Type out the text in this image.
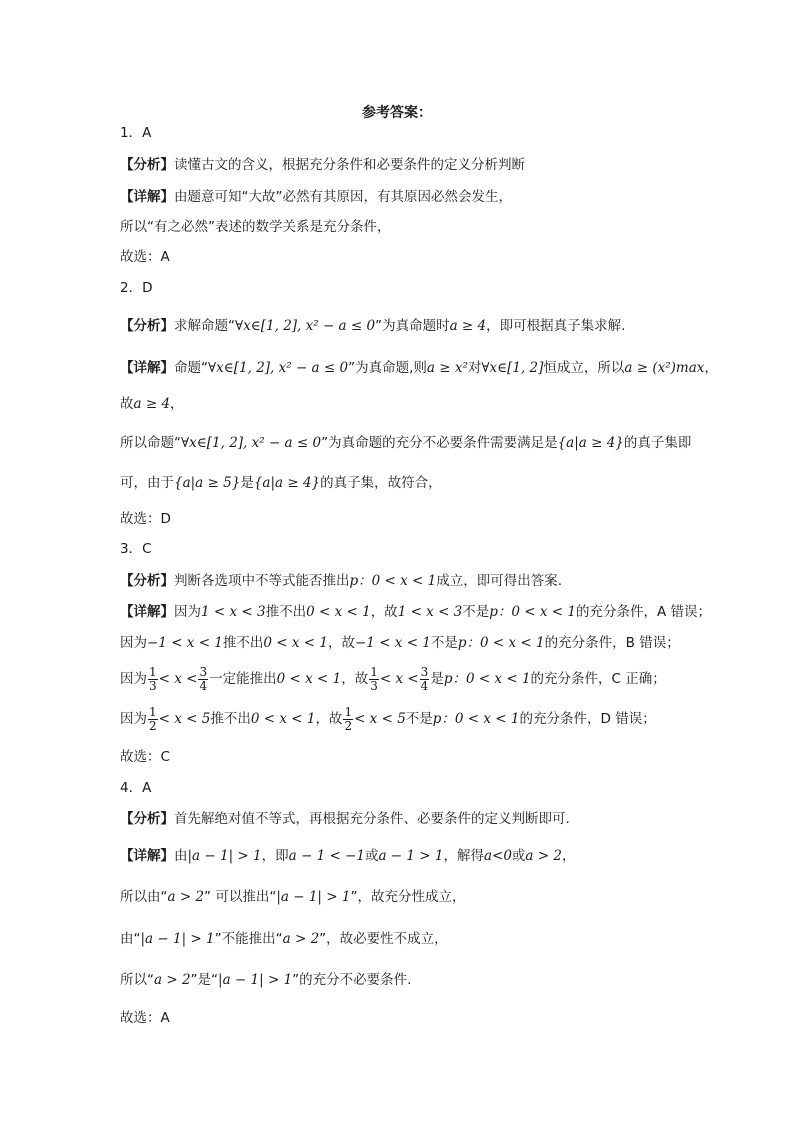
参考答案：
1．A
【分析】读懂古文的含义，根据充分条件和必要条件的定义分析判断
【详解】由题意可知“大故”必然有其原因，有其原因必然会发生，
所以“有之必然”表述的数学关系是充分条件，
故选：A
2．D
【分析】求解命题“∀x∈[1, 2], x² − a ≤ 0”为真命题时a ≥ 4，即可根据真子集求解.
【详解】命题“∀x∈[1, 2], x² − a ≤ 0”为真命题,则a ≥ x²对∀x∈[1, 2]恒成立，所以a ≥ (x²)max，
故a ≥ 4，
所以命题“∀x∈[1, 2], x² − a ≤ 0”为真命题的充分不必要条件需要满足是{a|a ≥ 4}的真子集即
可，由于{a|a ≥ 5}是{a|a ≥ 4}的真子集，故符合，
故选：D
3．C
【分析】判断各选项中不等式能否推出p：0 < x < 1成立，即可得出答案.
【详解】因为1 < x < 3推不出0 < x < 1，故1 < x < 3不是p：0 < x < 1的充分条件，A 错误；
因为−1 < x < 1推不出0 < x < 1，故−1 < x < 1不是p：0 < x < 1的充分条件，B 错误；
因为 $\frac{1}{3} < x < \frac{3}{4}$ 一定能推出0 < x < 1，故 $\frac{1}{3} < x < \frac{3}{4}$ 是p：0 < x < 1的充分条件，C 正确；
因为 $\frac{1}{2} < x < 5$推不出0 < x < 1，故 $\frac{1}{2} < x < 5$不是p：0 < x < 1的充分条件，D 错误；
故选：C
4．A
【分析】首先解绝对值不等式，再根据充分条件、必要条件的定义判断即可.
【详解】由|a − 1| > 1，即a − 1 < −1或a − 1 > 1，解得a<0或a > 2，
所以由“a > 2” 可以推出“|a − 1| > 1”，故充分性成立，
由“|a − 1| > 1”不能推出“a > 2”，故必要性不成立，
所以“a > 2”是“|a − 1| > 1”的充分不必要条件.
故选：A
